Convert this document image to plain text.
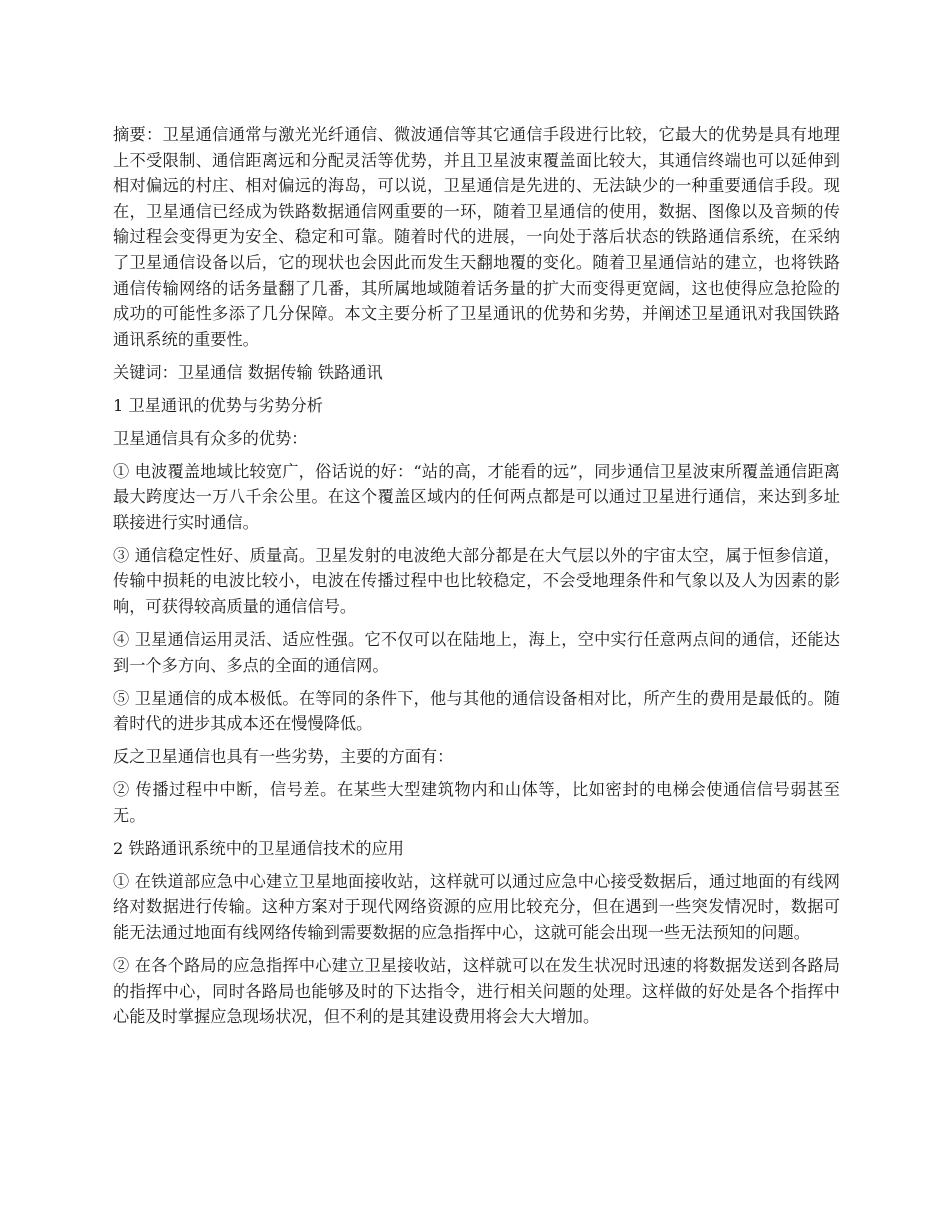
摘要：卫星通信通常与激光光纤通信、微波通信等其它通信手段进行比较，它最大的优势是具有地理上不受限制、通信距离远和分配灵活等优势，并且卫星波束覆盖面比较大，其通信终端也可以延伸到相对偏远的村庄、相对偏远的海岛，可以说，卫星通信是先进的、无法缺少的一种重要通信手段。现在，卫星通信已经成为铁路数据通信网重要的一环，随着卫星通信的使用，数据、图像以及音频的传输过程会变得更为安全、稳定和可靠。随着时代的进展，一向处于落后状态的铁路通信系统，在采纳了卫星通信设备以后，它的现状也会因此而发生天翻地覆的变化。随着卫星通信站的建立，也将铁路通信传输网络的话务量翻了几番，其所属地域随着话务量的扩大而变得更宽阔，这也使得应急抢险的成功的可能性多添了几分保障。本文主要分析了卫星通讯的优势和劣势，并阐述卫星通讯对我国铁路通讯系统的重要性。

关键词：卫星通信 数据传输 铁路通讯

1 卫星通讯的优势与劣势分析

卫星通信具有众多的优势：

① 电波覆盖地域比较宽广，俗话说的好：“站的高，才能看的远”，同步通信卫星波束所覆盖通信距离最大跨度达一万八千余公里。在这个覆盖区域内的任何两点都是可以通过卫星进行通信，来达到多址联接进行实时通信。

③ 通信稳定性好、质量高。卫星发射的电波绝大部分都是在大气层以外的宇宙太空，属于恒参信道，传输中损耗的电波比较小，电波在传播过程中也比较稳定，不会受地理条件和气象以及人为因素的影响，可获得较高质量的通信信号。

④ 卫星通信运用灵活、适应性强。它不仅可以在陆地上，海上，空中实行任意两点间的通信，还能达到一个多方向、多点的全面的通信网。

⑤ 卫星通信的成本极低。在等同的条件下，他与其他的通信设备相对比，所产生的费用是最低的。随着时代的进步其成本还在慢慢降低。

反之卫星通信也具有一些劣势，主要的方面有：

② 传播过程中中断，信号差。在某些大型建筑物内和山体等，比如密封的电梯会使通信信号弱甚至无。

2 铁路通讯系统中的卫星通信技术的应用

① 在铁道部应急中心建立卫星地面接收站，这样就可以通过应急中心接受数据后，通过地面的有线网络对数据进行传输。这种方案对于现代网络资源的应用比较充分，但在遇到一些突发情况时，数据可能无法通过地面有线网络传输到需要数据的应急指挥中心，这就可能会出现一些无法预知的问题。

② 在各个路局的应急指挥中心建立卫星接收站，这样就可以在发生状况时迅速的将数据发送到各路局的指挥中心，同时各路局也能够及时的下达指令，进行相关问题的处理。这样做的好处是各个指挥中心能及时掌握应急现场状况，但不利的是其建设费用将会大大增加。
